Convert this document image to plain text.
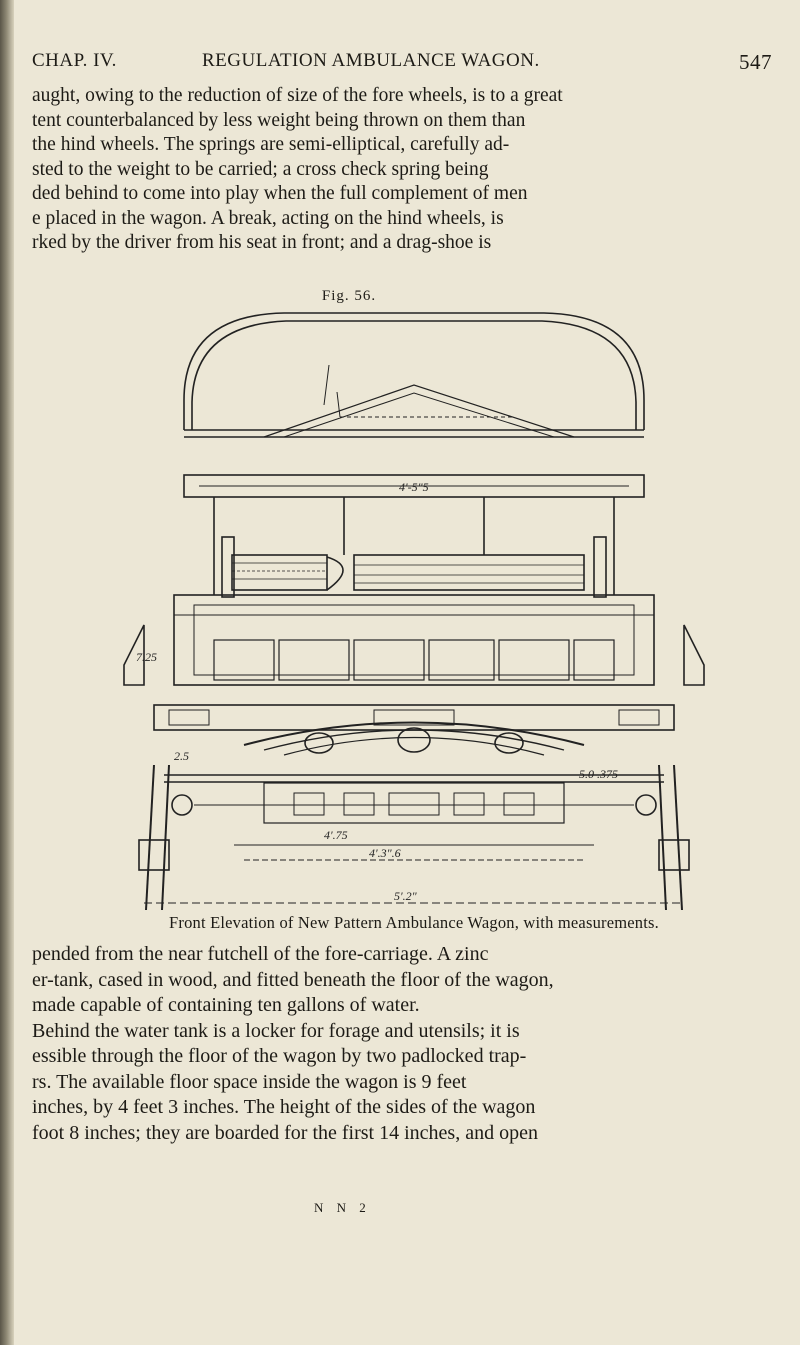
CHAP. IV.	REGULATION AMBULANCE WAGON.	547

aught, owing to the reduction of size of the fore wheels, is to a great
tent counterbalanced by less weight being thrown on them than
the hind wheels. The springs are semi-elliptical, carefully ad-
sted to the weight to be carried; a cross check spring being
ded behind to come into play when the full complement of men
e placed in the wagon. A break, acting on the hind wheels, is
rked by the driver from his seat in front; and a drag-shoe is

Fig. 56.
4'-5"5
7.25
2.5
5.0 .375
4'.75
4'.3".6
5'.2"
Front Elevation of New Pattern Ambulance Wagon, with measurements.

pended from the near futchell of the fore-carriage. A zinc
er-tank, cased in wood, and fitted beneath the floor of the wagon,
made capable of containing ten gallons of water.
Behind the water tank is a locker for forage and utensils; it is
essible through the floor of the wagon by two padlocked trap-
rs. The available floor space inside the wagon is 9 feet
inches, by 4 feet 3 inches. The height of the sides of the wagon
foot 8 inches; they are boarded for the first 14 inches, and open

N N 2
